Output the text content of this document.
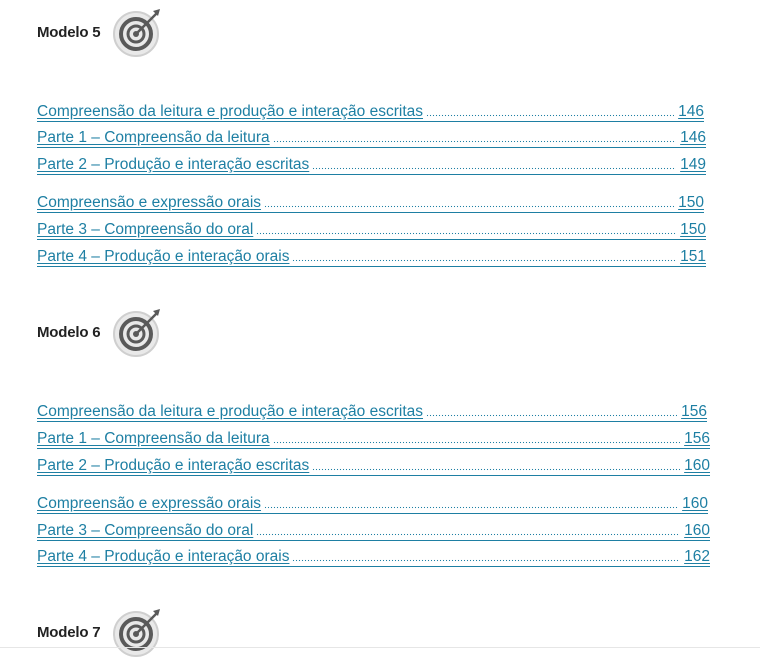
Modelo 5
Compreensão da leitura e produção e interação escritas	146
Parte 1 – Compreensão da leitura	146
Parte 2 – Produção e interação escritas	149
Compreensão e expressão orais	150
Parte 3 – Compreensão do oral	150
Parte 4 – Produção e interação orais	151
Modelo 6
Compreensão da leitura e produção e interação escritas	156
Parte 1 – Compreensão da leitura	156
Parte 2 – Produção e interação escritas	160
Compreensão e expressão orais	160
Parte 3 – Compreensão do oral	160
Parte 4 – Produção e interação orais	162
Modelo 7
